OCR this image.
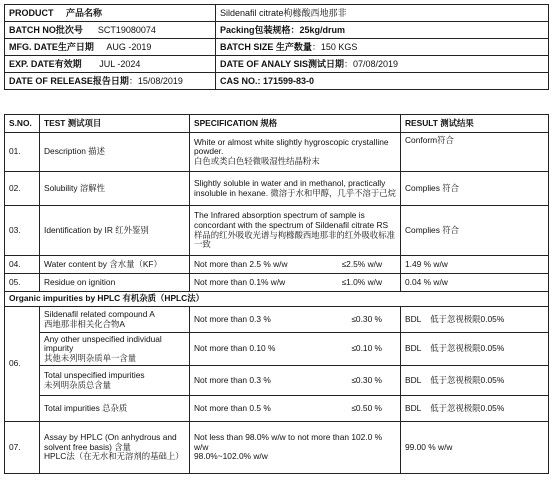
PRODUCT 产品名称	Sildenafil citrate枸橼酸西地那非
BATCH NO批次号 SCT19080074	Packing包装规格：25kg/drum
MFG. DATE生产日期 AUG -2019	BATCH SIZE 生产数量：150 KGS
EXP. DATE有效期 JUL -2024	DATE OF ANALY SIS测试日期：07/08/2019
DATE OF RELEASE报告日期：15/08/2019	CAS NO.: 171599-83-0
S.NO.	TEST 测试项目	SPECIFICATION 规格	RESULT 测试结果
01.	Description 描述	White or almost white slightly hygroscopic crystalline powder.
白色或类白色轻微吸湿性结晶粉末	Conform符合
02.	Solubility 溶解性	Slightly soluble in water and in methanol, practically insoluble in hexane. 微溶于水和甲醇，几乎不溶于己烷	Complies 符合
03.	Identification by IR 红外鉴别	The Infrared absorption spectrum of sample is concordant with the spectrum of Sildenafil citrate RS 样品的红外吸收光谱与枸橼酸西地那非的红外吸收标准一致	Complies 符合
04.	Water content by 含水量（KF）	Not more than 2.5 % w/w ≤2.5% w/w	1.49 % w/w
05.	Residue on ignition	Not more than 0.1% w/w ≤1.0% w/w	0.04 % w/w
Organic impurities by HPLC 有机杂质（HPLC法）			
06.	Sildenafil related compound A
西地那非相关化合物A	Not more than 0.3 % ≤0.30 %	BDL    低于忽视极限0.05%
	Any other unspecified individual impurity
其他未列明杂质单一含量	Not more than 0.10 % ≤0.10 %	BDL    低于忽视极限0.05%
	Total unspecified impurities
未列明杂质总含量	Not more than 0.3 % ≤0.30 %	BDL    低于忽视极限0.05%
	Total impurities 总杂质	Not more than 0.5 % ≤0.50 %	BDL    低于忽视极限0.05%
07.	Assay by HPLC (On anhydrous and solvent free basis) 含量
HPLC法（在无水和无溶剂的基础上）	Not less than 98.0% w/w to not more than 102.0 % w/w
98.0%~102.0% w/w	99.00 % w/w
